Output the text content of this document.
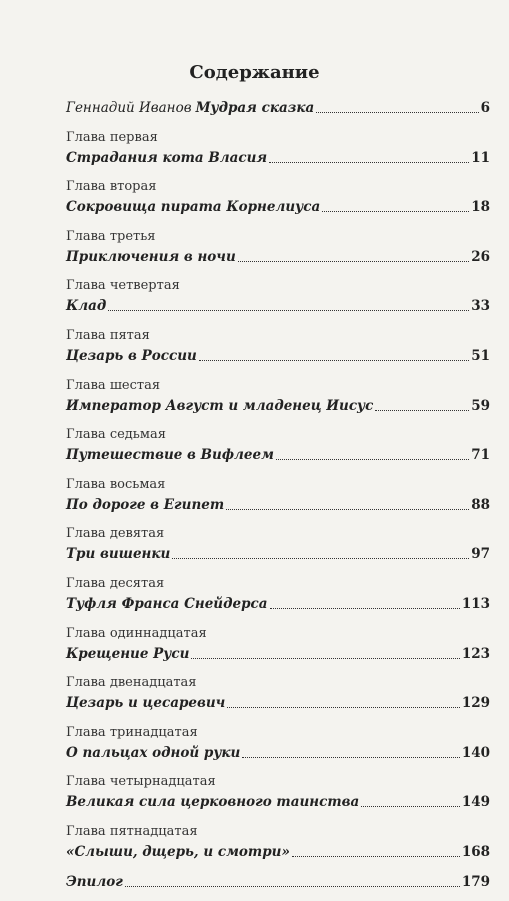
Содержание
Геннадий Иванов Мудрая сказка	6
Глава первая
Страдания кота Власия	11
Глава вторая
Сокровища пирата Корнелиуса	18
Глава третья
Приключения в ночи	26
Глава четвертая
Клад	33
Глава пятая
Цезарь в России	51
Глава шестая
Император Август и младенец Иисус	59
Глава седьмая
Путешествие в Вифлеем	71
Глава восьмая
По дороге в Египет	88
Глава девятая
Три вишенки	97
Глава десятая
Туфля Франса Снейдерса	113
Глава одиннадцатая
Крещение Руси	123
Глава двенадцатая
Цезарь и цесаревич	129
Глава тринадцатая
О пальцах одной руки	140
Глава четырнадцатая
Великая сила церковного таинства	149
Глава пятнадцатая
«Слыши, дщерь, и смотри»	168
Эпилог	179
